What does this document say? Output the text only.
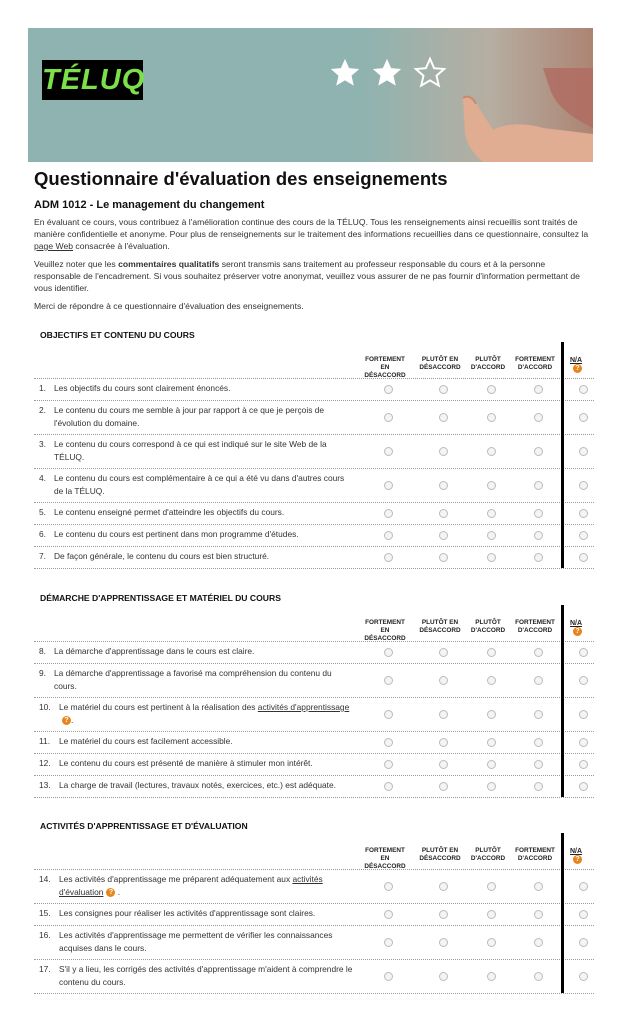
TÉLUQ

Questionnaire d'évaluation des enseignements
ADM 1012 - Le management du changement

En évaluant ce cours, vous contribuez à l'amélioration continue des cours de la TÉLUQ. Tous les renseignements ainsi recueillis sont traités de manière confidentielle et anonyme. Pour plus de renseignements sur le traitement des informations recueillies dans ce questionnaire, consultez la page Web consacrée à l'évaluation.

Veuillez noter que les commentaires qualitatifs seront transmis sans traitement au professeur responsable du cours et à la personne responsable de l'encadrement. Si vous souhaitez préserver votre anonymat, veuillez vous assurer de ne pas fournir d'information permettant de vous identifier.

Merci de répondre à ce questionnaire d'évaluation des enseignements.

OBJECTIFS ET CONTENU DU COURS
FORTEMENT EN DÉSACCORD
PLUTÔT EN DÉSACCORD
PLUTÔT D'ACCORD
FORTEMENT D'ACCORD
N/A?
1. Les objectifs du cours sont clairement énoncés.
2. Le contenu du cours me semble à jour par rapport à ce que je perçois de l'évolution du domaine.
3. Le contenu du cours correspond à ce qui est indiqué sur le site Web de la TÉLUQ.
4. Le contenu du cours est complémentaire à ce qui a été vu dans d'autres cours de la TÉLUQ.
5. Le contenu enseigné permet d'atteindre les objectifs du cours.
6. Le contenu du cours est pertinent dans mon programme d'études.
7. De façon générale, le contenu du cours est bien structuré.
DÉMARCHE D'APPRENTISSAGE ET MATÉRIEL DU COURS
FORTEMENT EN DÉSACCORD
PLUTÔT EN DÉSACCORD
PLUTÔT D'ACCORD
FORTEMENT D'ACCORD
N/A?
8. La démarche d'apprentissage dans le cours est claire.
9. La démarche d'apprentissage a favorisé ma compréhension du contenu du cours.
10. Le matériel du cours est pertinent à la réalisation des activités d'apprentissage? .
11. Le matériel du cours est facilement accessible.
12. Le contenu du cours est présenté de manière à stimuler mon intérêt.
13. La charge de travail (lectures, travaux notés, exercices, etc.) est adéquate.
ACTIVITÉS D'APPRENTISSAGE ET D'ÉVALUATION
FORTEMENT EN DÉSACCORD
PLUTÔT EN DÉSACCORD
PLUTÔT D'ACCORD
FORTEMENT D'ACCORD
N/A?
14. Les activités d'apprentissage me préparent adéquatement aux activités d'évaluation ? .
15. Les consignes pour réaliser les activités d'apprentissage sont claires.
16. Les activités d'apprentissage me permettent de vérifier les connaissances acquises dans le cours.
17. S'il y a lieu, les corrigés des activités d'apprentissage m'aident à comprendre le contenu du cours.
